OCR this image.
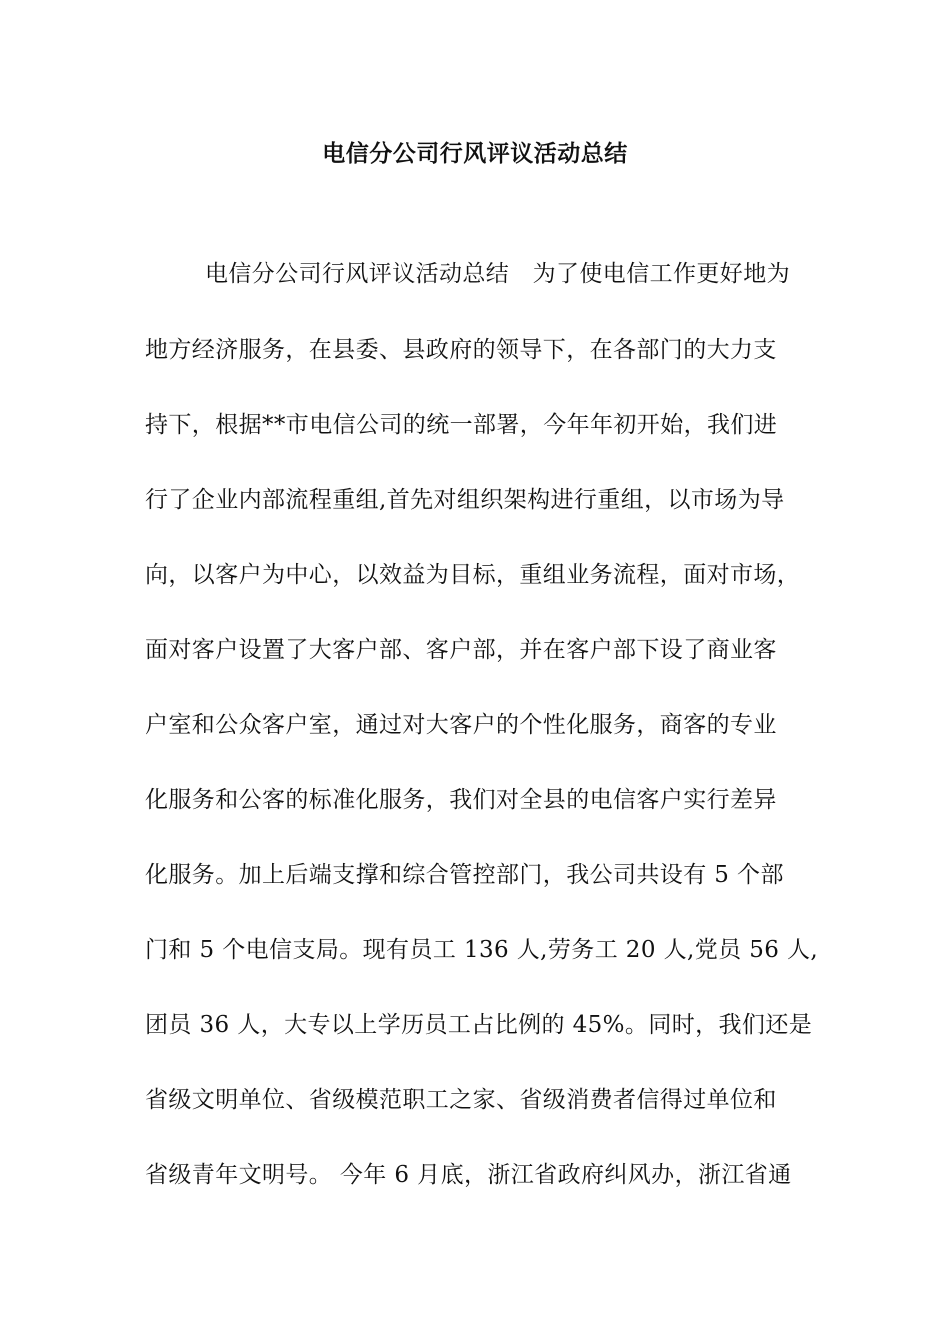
电信分公司行风评议活动总结
电信分公司行风评议活动总结　为了使电信工作更好地为
地方经济服务，在县委、县政府的领导下，在各部门的大力支
持下，根据**市电信公司的统一部署，今年年初开始，我们进
行了企业内部流程重组,首先对组织架构进行重组，以市场为导
向，以客户为中心，以效益为目标，重组业务流程，面对市场，
面对客户设置了大客户部、客户部，并在客户部下设了商业客
户室和公众客户室，通过对大客户的个性化服务，商客的专业
化服务和公客的标准化服务，我们对全县的电信客户实行差异
化服务。加上后端支撑和综合管控部门，我公司共设有 5 个部
门和 5 个电信支局。现有员工 136 人,劳务工 20 人,党员 56 人,
团员 36 人，大专以上学历员工占比例的 45%。同时，我们还是
省级文明单位、省级模范职工之家、省级消费者信得过单位和
省级青年文明号。 今年 6 月底，浙江省政府纠风办，浙江省通
